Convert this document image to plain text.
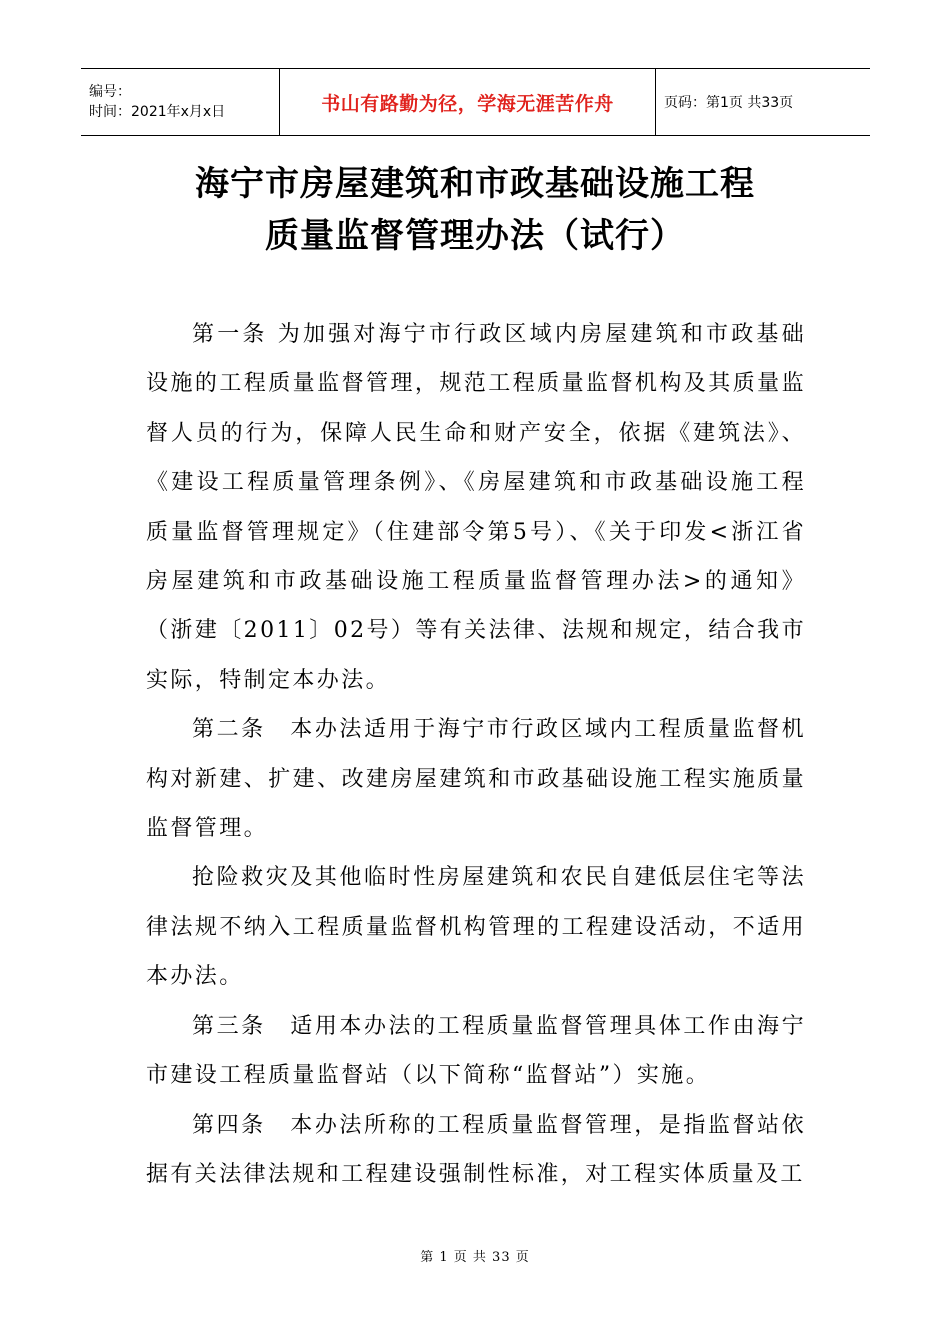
编号：
时间：2021年x月x日	书山有路勤为径，学海无涯苦作舟	页码：第1页 共33页
海宁市房屋建筑和市政基础设施工程
质量监督管理办法（试行）

第一条 为加强对海宁市行政区域内房屋建筑和市政基础设施的工程质量监督管理，规范工程质量监督机构及其质量监督人员的行为，保障人民生命和财产安全，依据《建筑法》、《建设工程质量管理条例》、《房屋建筑和市政基础设施工程质量监督管理规定》（住建部令第5号）、《关于印发<浙江省房屋建筑和市政基础设施工程质量监督管理办法>的通知》（浙建〔2011〕02号）等有关法律、法规和规定，结合我市实际，特制定本办法。

第二条　本办法适用于海宁市行政区域内工程质量监督机构对新建、扩建、改建房屋建筑和市政基础设施工程实施质量监督管理。

抢险救灾及其他临时性房屋建筑和农民自建低层住宅等法律法规不纳入工程质量监督机构管理的工程建设活动，不适用本办法。

第三条　适用本办法的工程质量监督管理具体工作由海宁市建设工程质量监督站（以下简称“监督站”）实施。

第四条　本办法所称的工程质量监督管理，是指监督站依据有关法律法规和工程建设强制性标准，对工程实体质量及工

第 1 页 共 33 页
